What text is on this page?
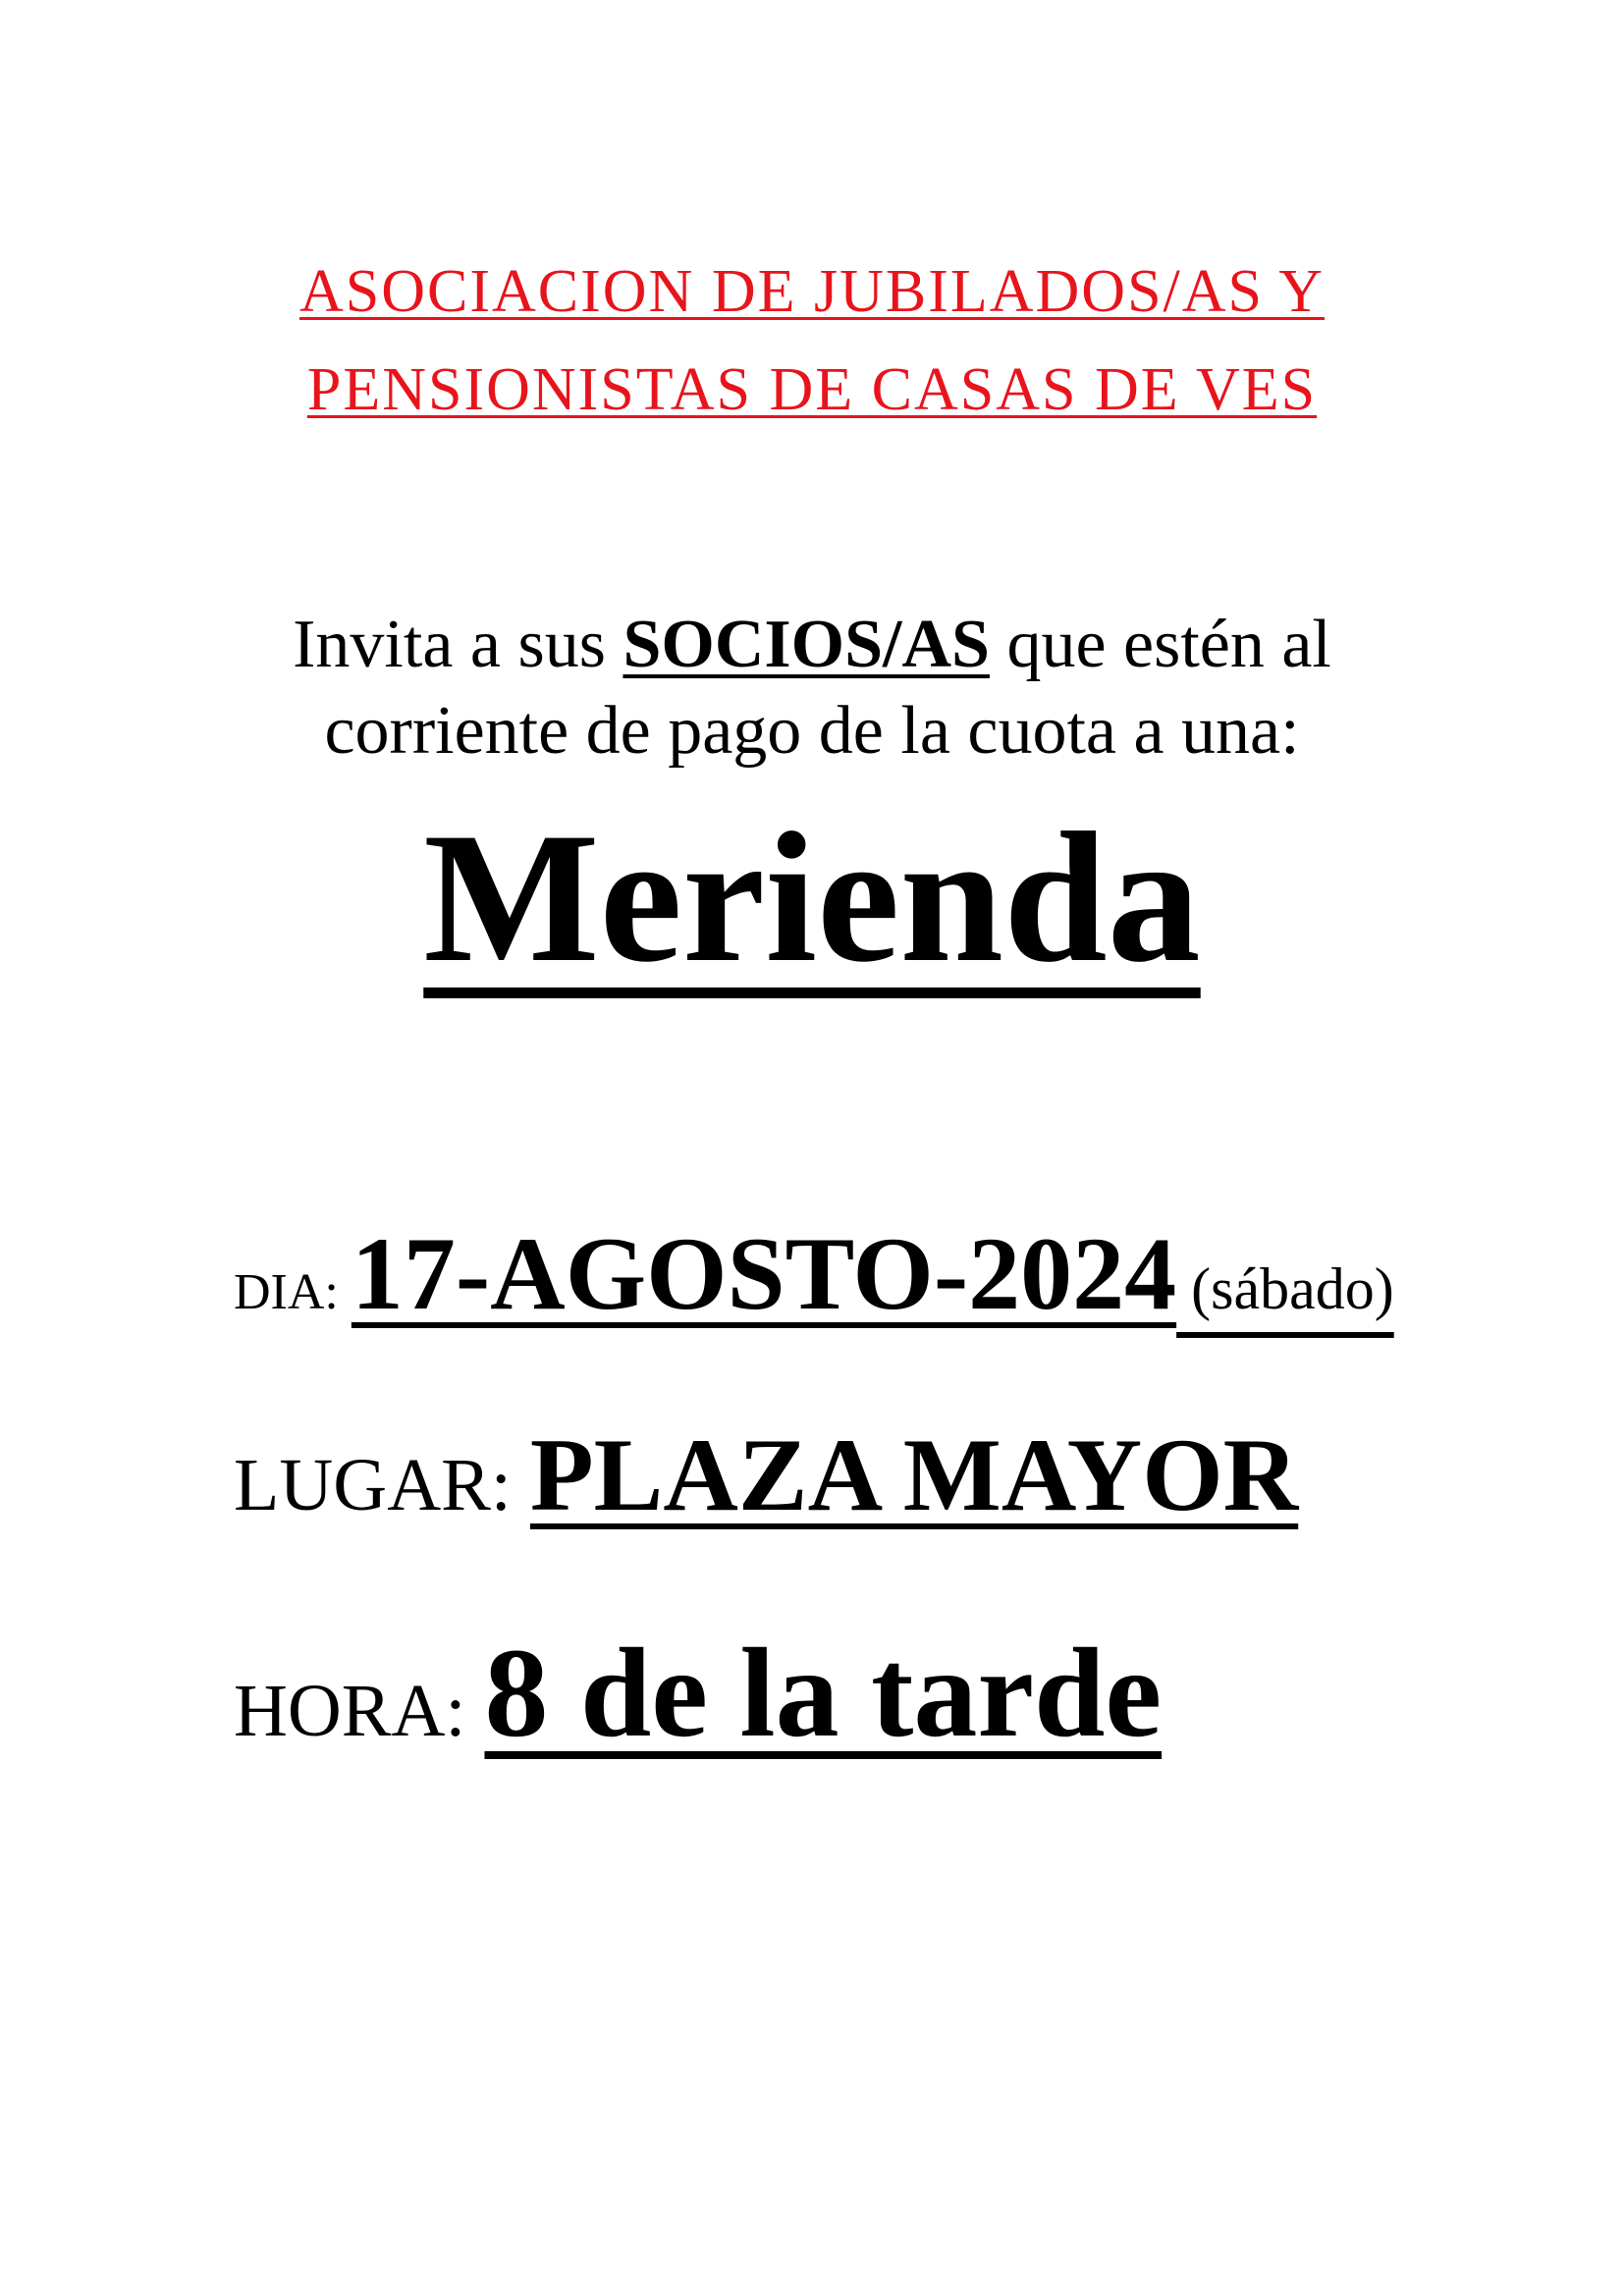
ASOCIACION DE JUBILADOS/AS Y
PENSIONISTAS DE CASAS DE VES
Invita a sus SOCIOS/AS que estén al
corriente de pago de la cuota a una:
Merienda
DIA: 17-AGOSTO-2024 (sábado)
LUGAR: PLAZA MAYOR
HORA: 8 de la tarde
